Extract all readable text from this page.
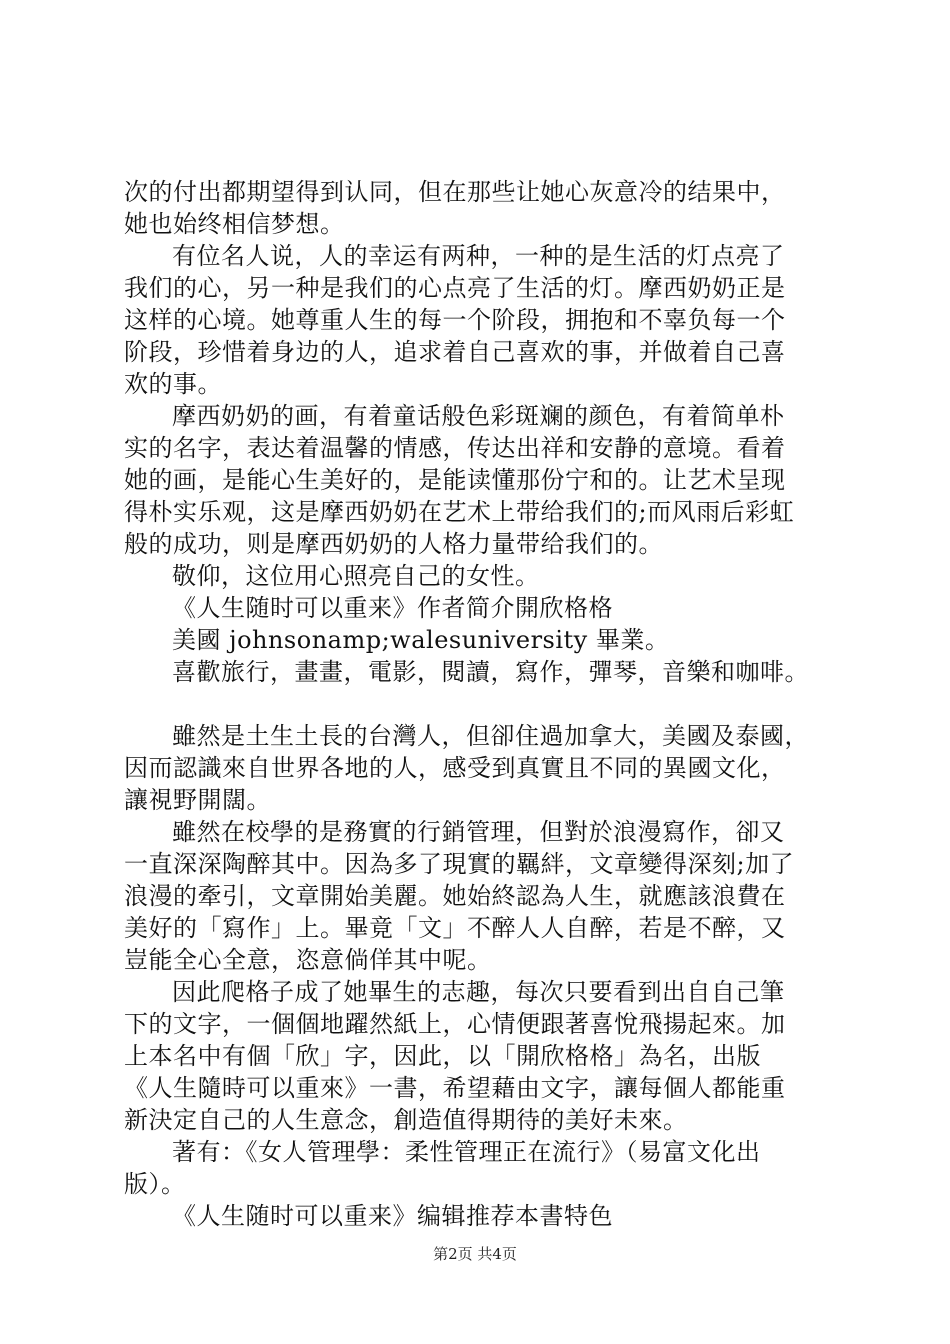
次的付出都期望得到认同，但在那些让她心灰意冷的结果中，
她也始终相信梦想。
有位名人说，人的幸运有两种，一种的是生活的灯点亮了
我们的心，另一种是我们的心点亮了生活的灯。摩西奶奶正是
这样的心境。她尊重人生的每一个阶段，拥抱和不辜负每一个
阶段，珍惜着身边的人，追求着自己喜欢的事，并做着自己喜
欢的事。
摩西奶奶的画，有着童话般色彩斑斓的颜色，有着简单朴
实的名字，表达着温馨的情感，传达出祥和安静的意境。看着
她的画，是能心生美好的，是能读懂那份宁和的。让艺术呈现
得朴实乐观，这是摩西奶奶在艺术上带给我们的;而风雨后彩虹
般的成功，则是摩西奶奶的人格力量带给我们的。
敬仰，这位用心照亮自己的女性。
《人生随时可以重来》作者简介開欣格格
美國 johnsonamp;walesuniversity 畢業。
喜歡旅行，畫畫，電影，閱讀，寫作，彈琴，音樂和咖啡。
雖然是土生土長的台灣人，但卻住過加拿大，美國及泰國，
因而認識來自世界各地的人，感受到真實且不同的異國文化，
讓視野開闊。
雖然在校學的是務實的行銷管理，但對於浪漫寫作，卻又
一直深深陶醉其中。因為多了現實的羈絆，文章變得深刻;加了
浪漫的牽引，文章開始美麗。她始終認為人生，就應該浪費在
美好的「寫作」上。畢竟「文」不醉人人自醉，若是不醉，又
豈能全心全意，恣意倘佯其中呢。
因此爬格子成了她畢生的志趣，每次只要看到出自自己筆
下的文字，一個個地躍然紙上，心情便跟著喜悅飛揚起來。加
上本名中有個「欣」字，因此，以「開欣格格」為名，出版
《人生隨時可以重來》一書，希望藉由文字，讓每個人都能重
新決定自己的人生意念，創造值得期待的美好未來。
著有：《女人管理學：柔性管理正在流行》（易富文化出
版）。
《人生随时可以重来》编辑推荐本書特色
第2页 共4页
